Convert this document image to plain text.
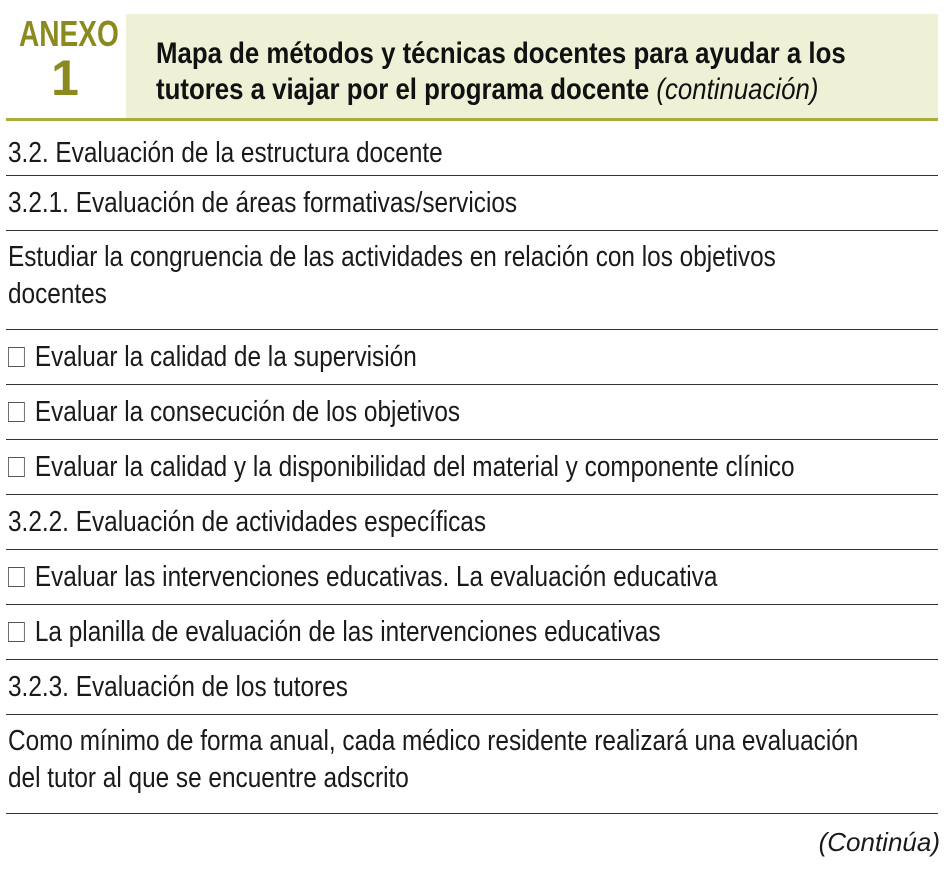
ANEXO
1	Mapa de métodos y técnicas docentes para ayudar a los
tutores a viajar por el programa docente (continuación)
3.2. Evaluación de la estructura docente
3.2.1. Evaluación de áreas formativas/servicios
Estudiar la congruencia de las actividades en relación con los objetivos
docentes
Evaluar la calidad de la supervisión
Evaluar la consecución de los objetivos
Evaluar la calidad y la disponibilidad del material y componente clínico
3.2.2. Evaluación de actividades específicas
Evaluar las intervenciones educativas. La evaluación educativa
La planilla de evaluación de las intervenciones educativas
3.2.3. Evaluación de los tutores
Como mínimo de forma anual, cada médico residente realizará una evaluación
del tutor al que se encuentre adscrito
(Continúa)
